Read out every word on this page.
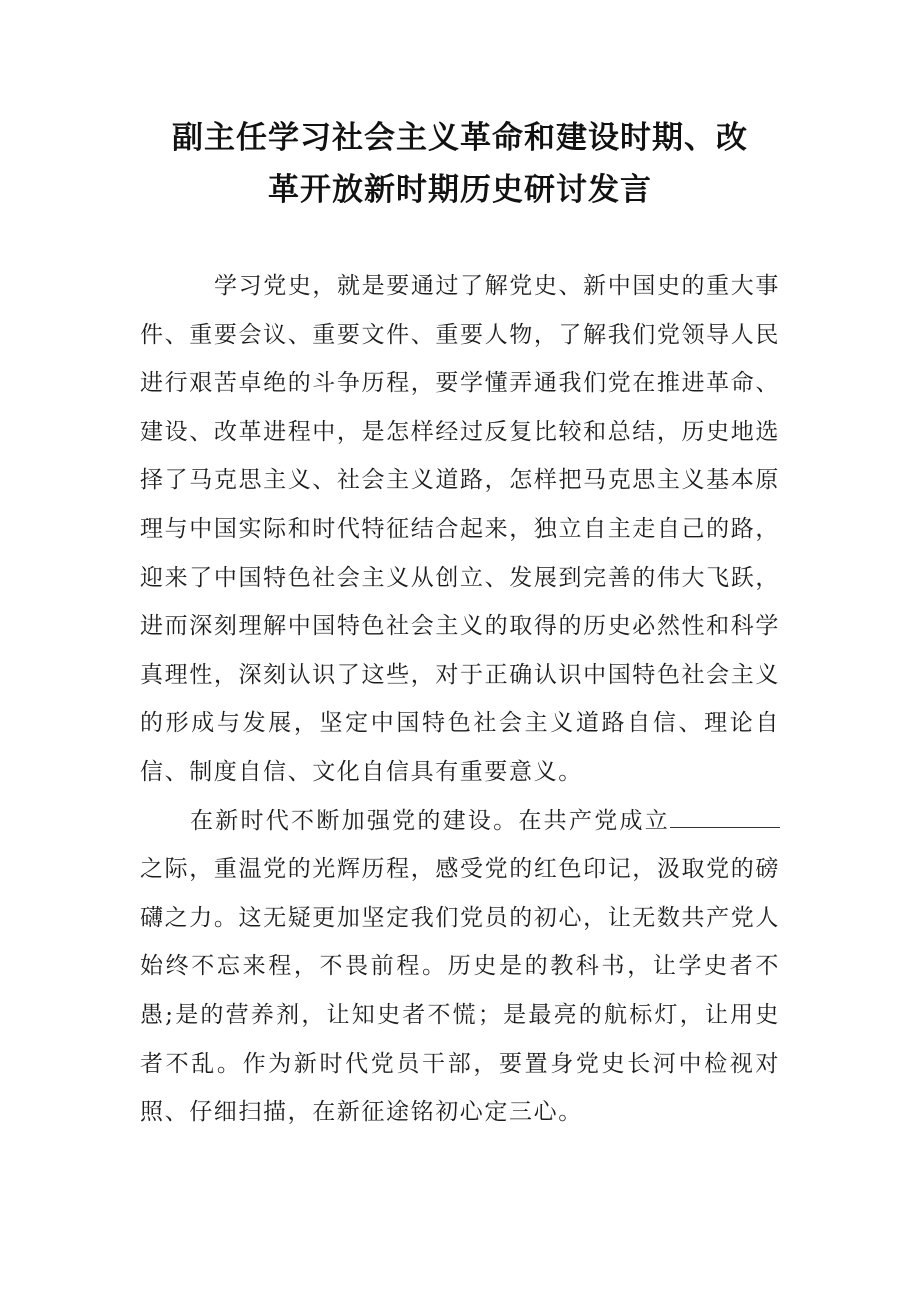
副主任学习社会主义革命和建设时期、改
革开放新时期历史研讨发言

学习党史，就是要通过了解党史、新中国史的重大事件、重要会议、重要文件、重要人物，了解我们党领导人民进行艰苦卓绝的斗争历程，要学懂弄通我们党在推进革命、建设、改革进程中，是怎样经过反复比较和总结，历史地选择了马克思主义、社会主义道路，怎样把马克思主义基本原理与中国实际和时代特征结合起来，独立自主走自己的路，迎来了中国特色社会主义从创立、发展到完善的伟大飞跃，进而深刻理解中国特色社会主义的取得的历史必然性和科学真理性，深刻认识了这些，对于正确认识中国特色社会主义的形成与发展，坚定中国特色社会主义道路自信、理论自信、制度自信、文化自信具有重要意义。

在新时代不断加强党的建设。在共产党成立之际，重温党的光辉历程，感受党的红色印记，汲取党的磅礴之力。这无疑更加坚定我们党员的初心，让无数共产党人始终不忘来程，不畏前程。历史是的教科书，让学史者不愚;是的营养剂，让知史者不慌；是最亮的航标灯，让用史者不乱。作为新时代党员干部，要置身党史长河中检视对照、仔细扫描，在新征途铭初心定三心。
